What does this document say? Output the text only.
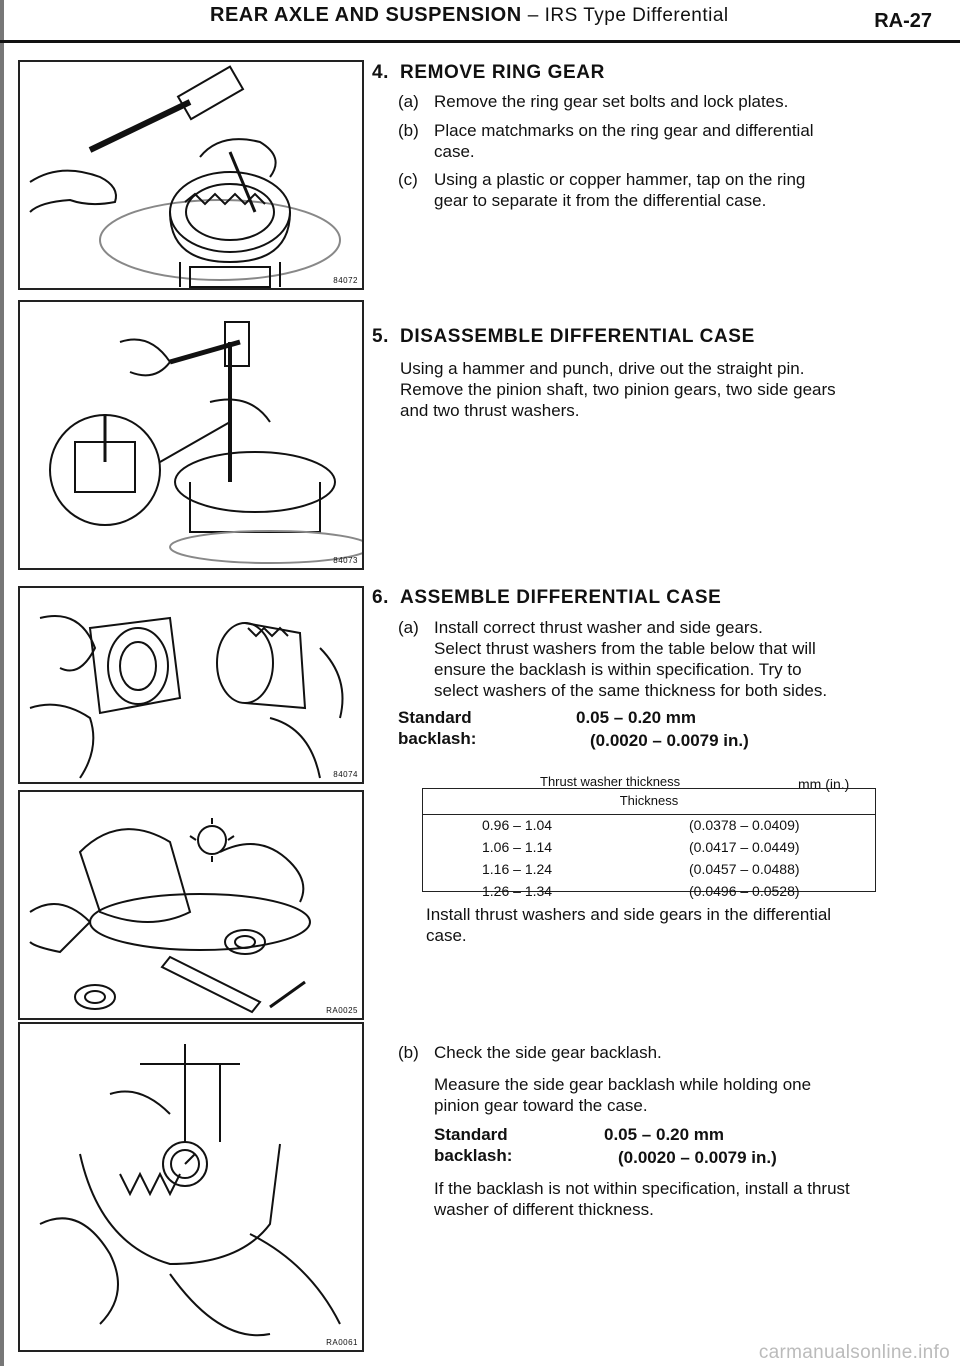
REAR AXLE AND SUSPENSION – IRS Type Differential	RA-27
84072
84073
84074
RA0025
RA0061
4. REMOVE RING GEAR
(a) Remove the ring gear set bolts and lock plates.
(b) Place matchmarks on the ring gear and differential
case.
(c) Using a plastic or copper hammer, tap on the ring
gear to separate it from the differential case.
5. DISASSEMBLE DIFFERENTIAL CASE
Using a hammer and punch, drive out the straight pin.
Remove the pinion shaft, two pinion gears, two side gears
and two thrust washers.
6. ASSEMBLE DIFFERENTIAL CASE
(a) Install correct thrust washer and side gears.
Select thrust washers from the table below that will
ensure the backlash is within specification. Try to
select washers of the same thickness for both sides.
Standard backlash:
0.05 – 0.20 mm
(0.0020 – 0.0079 in.)
Thrust washer thickness	mm (in.)
Thickness
0.96 – 1.04	(0.0378 – 0.0409)
1.06 – 1.14	(0.0417 – 0.0449)
1.16 – 1.24	(0.0457 – 0.0488)
1.26 – 1.34	(0.0496 – 0.0528)
Install thrust washers and side gears in the differential
case.
(b) Check the side gear backlash.
Measure the side gear backlash while holding one
pinion gear toward the case.
Standard backlash:
0.05 – 0.20 mm
(0.0020 – 0.0079 in.)
If the backlash is not within specification, install a thrust
washer of different thickness.
carmanualsonline.info
